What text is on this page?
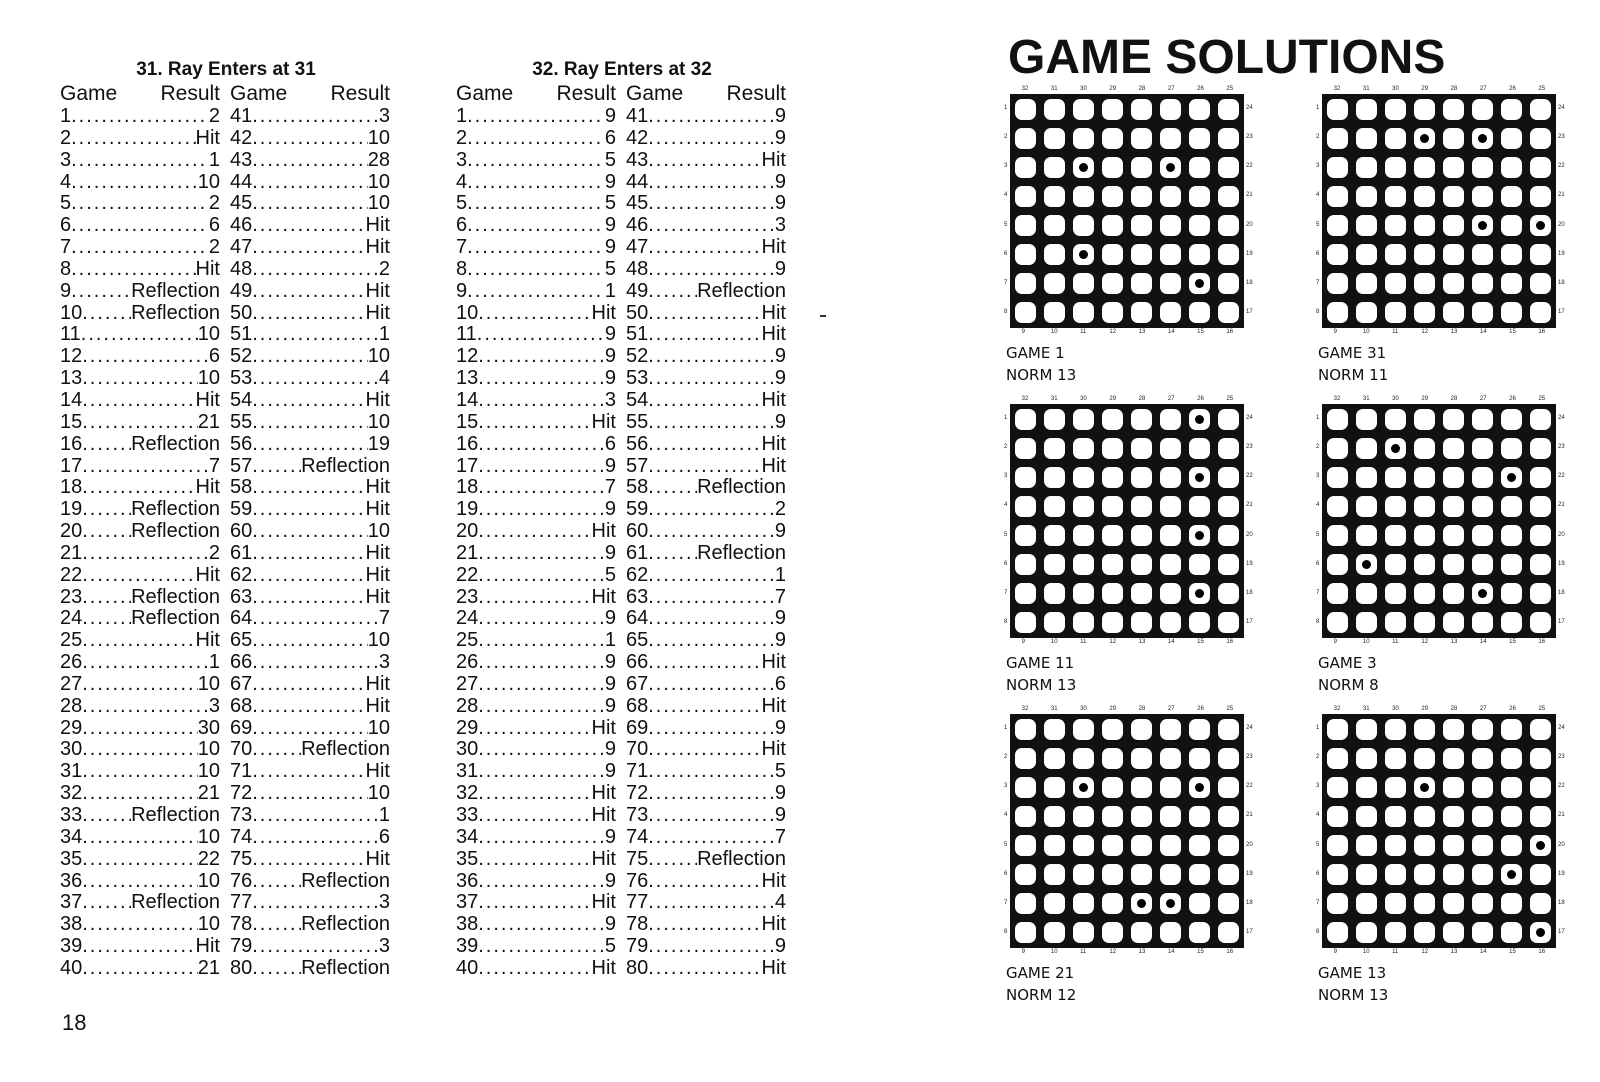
31. Ray Enters at 31
Game Result Game Result
1 .....	2
2 .....	Hit
3 .....	1
4 .....	10
5 .....	2
6 .....	6
7 .....	2
8 .....	Hit
9 .....	Reflection
10 ..... Reflection
11 .....	10
12 .....	6
13 .....	10
14 .....	Hit
15 .....	21
16 ..... Reflection
17 .....	7
18 .....	Hit
19 ..... Reflection
20 ..... Reflection
21 .....	2
22 .....	Hit
23 ..... Reflection
24 ..... Reflection
25 .....	Hit
26 .....	1
27 .....	10
28 .....	3
29 .....	30
30 .....	10
31 .....	10
32 .....	21
33 ..... Reflection
34 .....	10
35 .....	22
36 .....	10
37 ..... Reflection
38 .....	10
39 .....	Hit
40 .....	21
41 .....	3
42 .....	10
43 .....	28
44 .....	10
45 .....	10
46 .....	Hit
47 .....	Hit
48 .....	2
49 .....	Hit
50 .....	Hit
51 .....	1
52 .....	10
53 .....	4
54 .....	Hit
55 .....	10
56 .....	19
57 ..... Reflection
58 .....	Hit
59 .....	Hit
60 .....	10
61 .....	Hit
62 .....	Hit
63 .....	Hit
64 .....	7
65 .....	10
66 .....	3
67 .....	Hit
68 .....	Hit
69 .....	10
70 ..... Reflection
71 .....	Hit
72 .....	10
73 .....	1
74 .....	6
75 .....	Hit
76 ..... Reflection
77 .....	3
78 ..... Reflection
79 .....	3
80 ..... Reflection
32. Ray Enters at 32
Game Result Game Result
1 .....	9
2 .....	6
3 .....	5
4 .....	9
5 .....	5
6 .....	9
7 .....	9
8 .....	5
9 .....	1
10 .....	Hit
11 .....	9
12 .....	9
13 .....	9
14 .....	3
15 .....	Hit
16 .....	6
17 .....	9
18 .....	7
19 .....	9
20 .....	Hit
21 .....	9
22 .....	5
23 .....	Hit
24 .....	9
25 .....	1
26 .....	9
27 .....	9
28 .....	9
29 .....	Hit
30 .....	9
31 .....	9
32 .....	Hit
33 .....	Hit
34 .....	9
35 .....	Hit
36 .....	9
37 .....	Hit
38 .....	9
39 .....	5
40 .....	Hit
41 .....	9
42 .....	9
43 .....	Hit
44 .....	9
45 .....	9
46 .....	3
47 .....	Hit
48 .....	9
49 ..... Reflection
50 .....	Hit
51 .....	Hit
52 .....	9
53 .....	9
54 .....	Hit
55 .....	9
56 .....	Hit
57 .....	Hit
58 ..... Reflection
59 .....	2
60 .....	9
61 ..... Reflection
62 .....	1
63 .....	7
64 .....	9
65 .....	9
66 .....	Hit
67 .....	6
68 .....	Hit
69 .....	9
70 .....	Hit
71 .....	5
72 .....	9
73 .....	9
74 .....	7
75 ..... Reflection
76 .....	Hit
77 .....	4
78 .....	Hit
79 .....	9
80 .....	Hit
18
GAME SOLUTIONS
32	31	30	29	28	27	26	25
24
23
22
21
20
19
18
17
1
2
3
4
5
6
7
8
9	10	11	12	13	14	15	16
GAME 1
NORM 13
32	31	30	29	28	27	26	25
24
23
22
21
20
19
18
17
1
2
3
4
5
6
7
8
9	10	11	12	13	14	15	16
GAME 31
NORM 11
32	31	30	29	28	27	26	25
24
23
22
21
20
19
18
17
1
2
3
4
5
6
7
8
9	10	11	12	13	14	15	16
GAME 11
NORM 13
32	31	30	29	28	27	26	25
24
23
22
21
20
19
18
17
1
2
3
4
5
6
7
8
9	10	11	12	13	14	15	16
GAME 3
NORM 8
32	31	30	29	28	27	26	25
24
23
22
21
20
19
18
17
1
2
3
4
5
6
7
8
9	10	11	12	13	14	15	16
GAME 21
NORM 12
32	31	30	29	28	27	26	25
24
23
22
21
20
19
18
17
1
2
3
4
5
6
7
8
9	10	11	12	13	14	15	16
GAME 13
NORM 13
